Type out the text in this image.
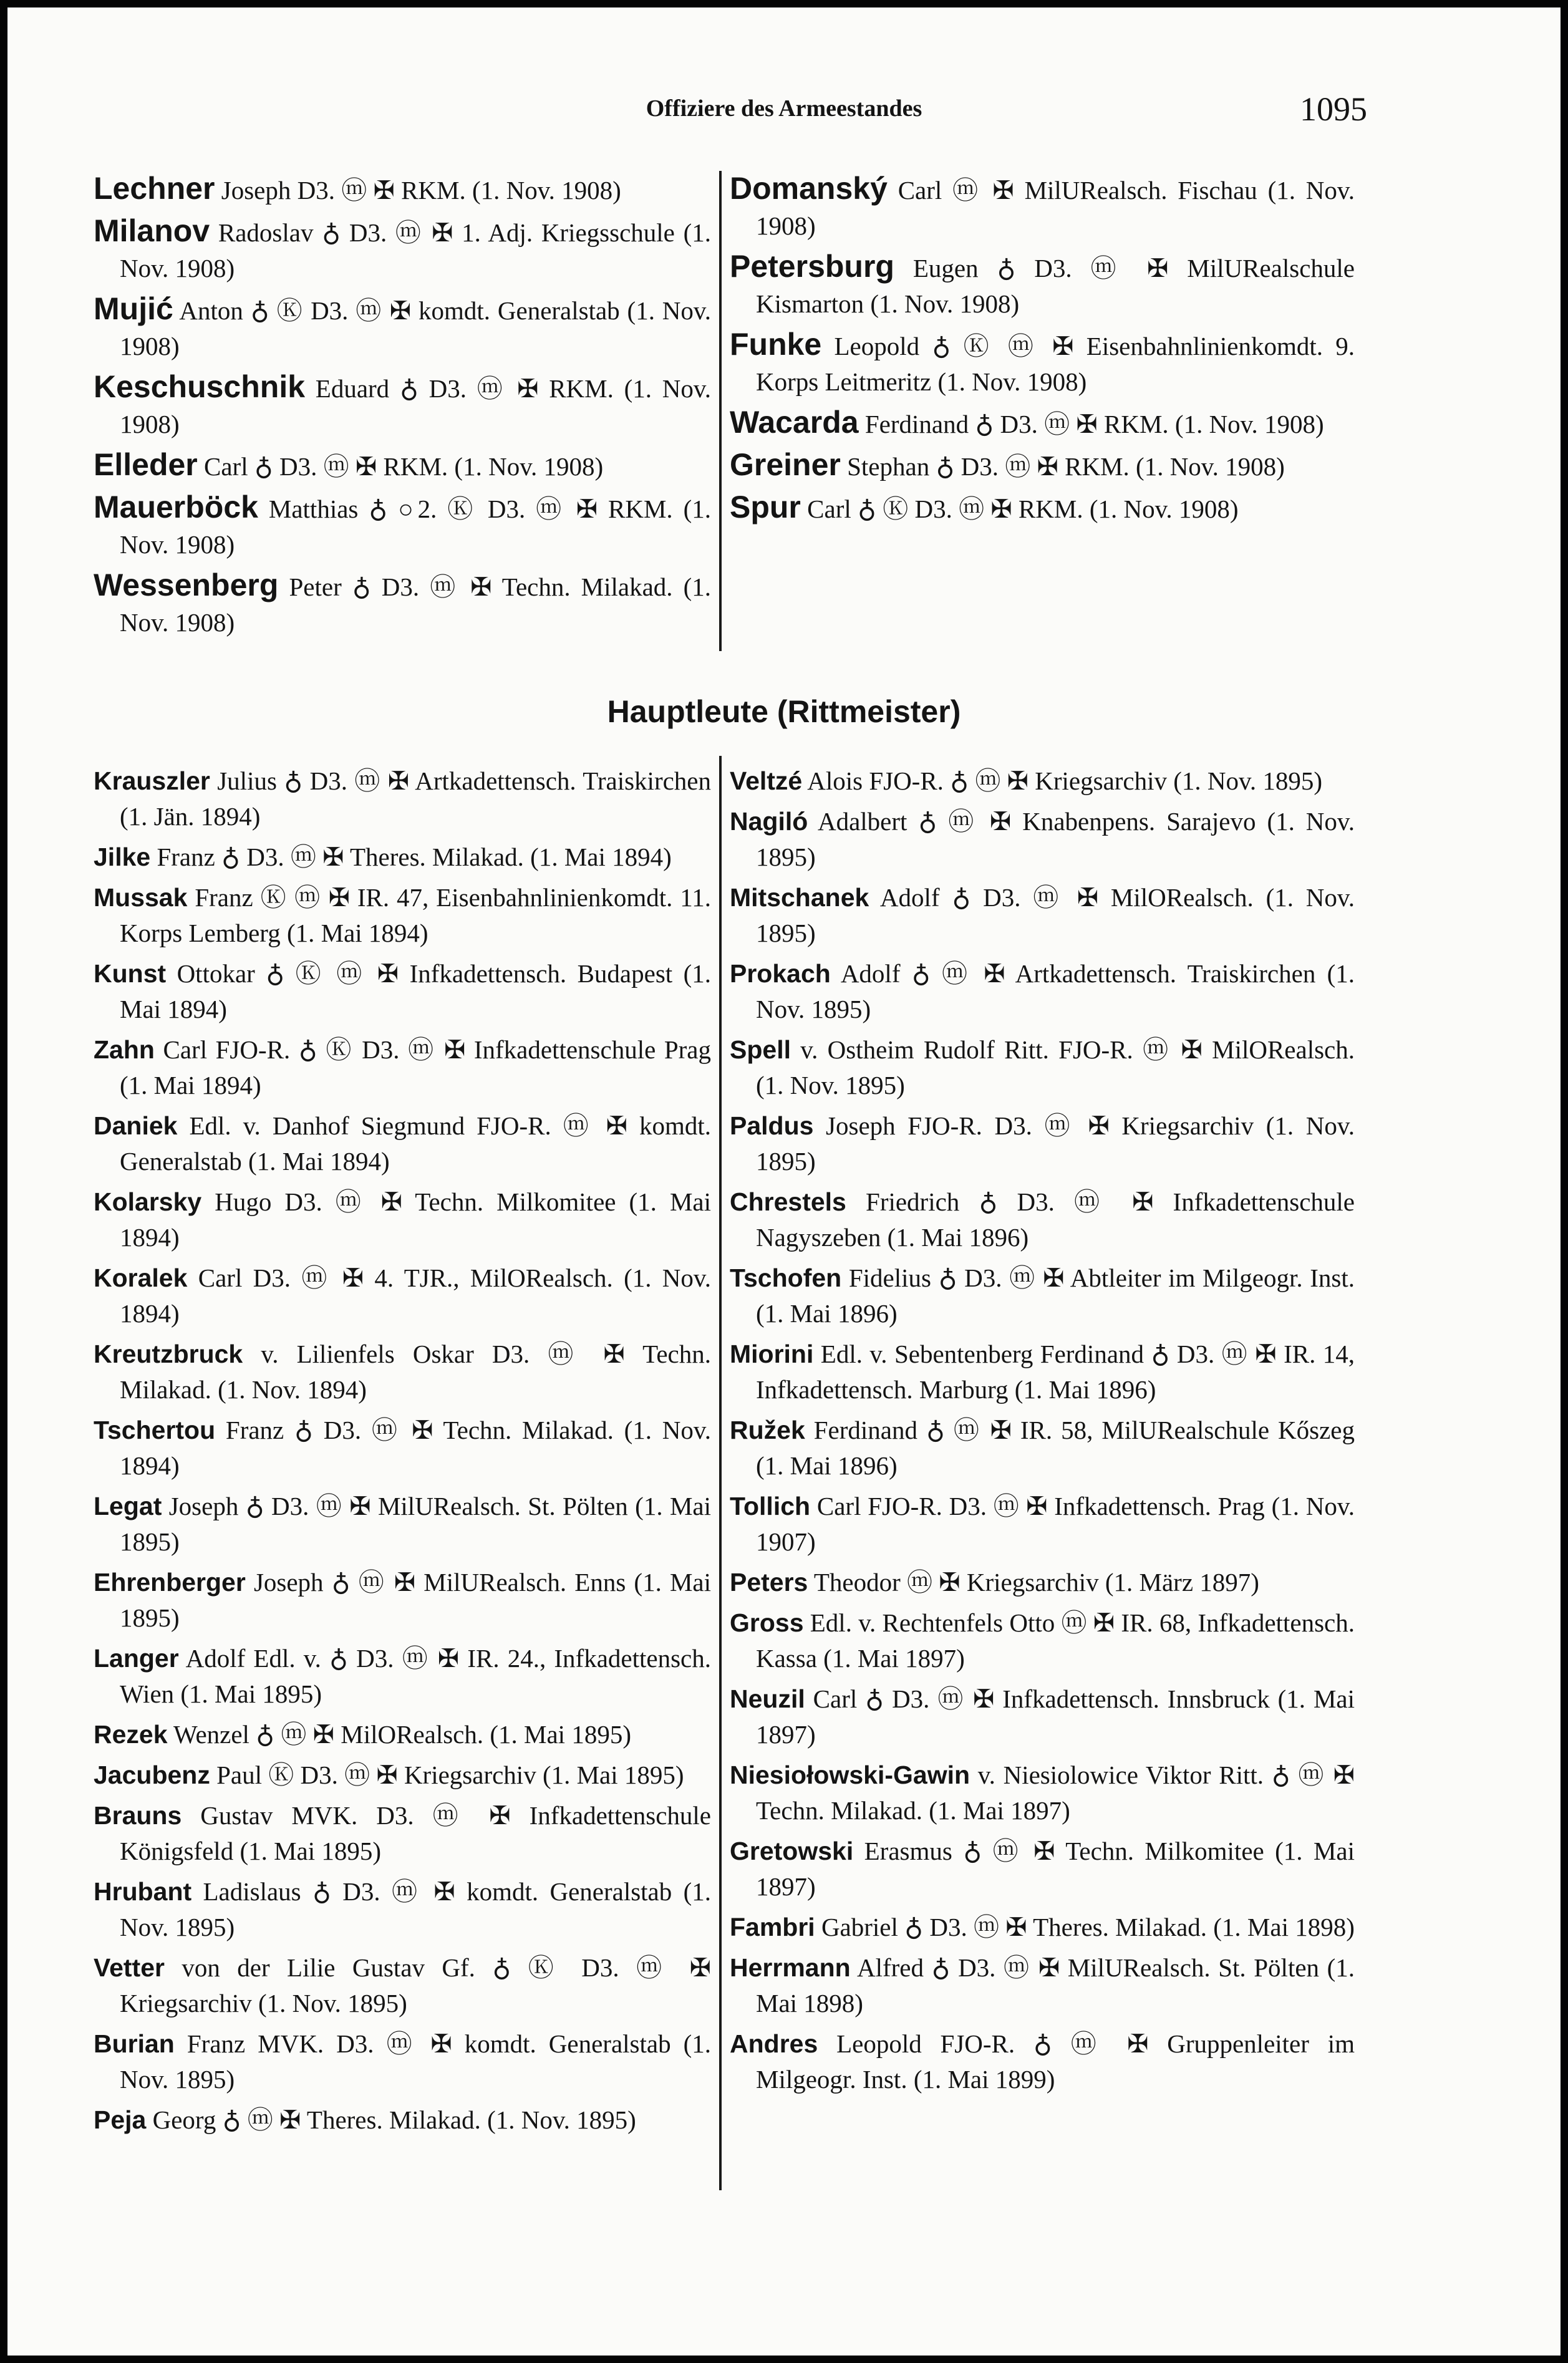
Offiziere des Armeestandes	1095

Lechner Joseph D3. ⓜ ✠ RKM. (1. Nov. 1908)

Milanov Radoslav ♁ D3. ⓜ ✠ 1. Adj. Kriegsschule (1. Nov. 1908)

Mujić Anton ♁ Ⓚ D3. ⓜ ✠ komdt. Generalstab (1. Nov. 1908)

Keschuschnik Eduard ♁ D3. ⓜ ✠ RKM. (1. Nov. 1908)

Elleder Carl ♁ D3. ⓜ ✠ RKM. (1. Nov. 1908)

Mauerböck Matthias ♁ ○2. Ⓚ D3. ⓜ ✠ RKM. (1. Nov. 1908)

Wessenberg Peter ♁ D3. ⓜ ✠ Techn. Milakad. (1. Nov. 1908)

Domanský Carl ⓜ ✠ MilURealsch. Fischau (1. Nov. 1908)

Petersburg Eugen ♁ D3. ⓜ ✠ MilURealschule Kismarton (1. Nov. 1908)

Funke Leopold ♁ Ⓚ ⓜ ✠ Eisenbahnlinienkomdt. 9. Korps Leitmeritz (1. Nov. 1908)

Wacarda Ferdinand ♁ D3. ⓜ ✠ RKM. (1. Nov. 1908)

Greiner Stephan ♁ D3. ⓜ ✠ RKM. (1. Nov. 1908)

Spur Carl ♁ Ⓚ D3. ⓜ ✠ RKM. (1. Nov. 1908)

Hauptleute (Rittmeister)

Krauszler Julius ♁ D3. ⓜ ✠ Artkadettensch. Traiskirchen (1. Jän. 1894)

Jilke Franz ♁ D3. ⓜ ✠ Theres. Milakad. (1. Mai 1894)

Mussak Franz Ⓚ ⓜ ✠ IR. 47, Eisenbahnlinienkomdt. 11. Korps Lemberg (1. Mai 1894)

Kunst Ottokar ♁ Ⓚ ⓜ ✠ Infkadettensch. Budapest (1. Mai 1894)

Zahn Carl FJO-R. ♁ Ⓚ D3. ⓜ ✠ Infkadettenschule Prag (1. Mai 1894)

Daniek Edl. v. Danhof Siegmund FJO-R. ⓜ ✠ komdt. Generalstab (1. Mai 1894)

Kolarsky Hugo D3. ⓜ ✠ Techn. Milkomitee (1. Mai 1894)

Koralek Carl D3. ⓜ ✠ 4. TJR., MilORealsch. (1. Nov. 1894)

Kreutzbruck v. Lilienfels Oskar D3. ⓜ ✠ Techn. Milakad. (1. Nov. 1894)

Tschertou Franz ♁ D3. ⓜ ✠ Techn. Milakad. (1. Nov. 1894)

Legat Joseph ♁ D3. ⓜ ✠ MilURealsch. St. Pölten (1. Mai 1895)

Ehrenberger Joseph ♁ ⓜ ✠ MilURealsch. Enns (1. Mai 1895)

Langer Adolf Edl. v. ♁ D3. ⓜ ✠ IR. 24., Infkadettensch. Wien (1. Mai 1895)

Rezek Wenzel ♁ ⓜ ✠ MilORealsch. (1. Mai 1895)

Jacubenz Paul Ⓚ D3. ⓜ ✠ Kriegsarchiv (1. Mai 1895)

Brauns Gustav MVK. D3. ⓜ ✠ Infkadettenschule Königsfeld (1. Mai 1895)

Hrubant Ladislaus ♁ D3. ⓜ ✠ komdt. Generalstab (1. Nov. 1895)

Vetter von der Lilie Gustav Gf. ♁ Ⓚ D3. ⓜ ✠ Kriegsarchiv (1. Nov. 1895)

Burian Franz MVK. D3. ⓜ ✠ komdt. Generalstab (1. Nov. 1895)

Peja Georg ♁ ⓜ ✠ Theres. Milakad. (1. Nov. 1895)

Veltzé Alois FJO-R. ♁ ⓜ ✠ Kriegsarchiv (1. Nov. 1895)

Nagiló Adalbert ♁ ⓜ ✠ Knabenpens. Sarajevo (1. Nov. 1895)

Mitschanek Adolf ♁ D3. ⓜ ✠ MilORealsch. (1. Nov. 1895)

Prokach Adolf ♁ ⓜ ✠ Artkadettensch. Traiskirchen (1. Nov. 1895)

Spell v. Ostheim Rudolf Ritt. FJO-R. ⓜ ✠ MilORealsch. (1. Nov. 1895)

Paldus Joseph FJO-R. D3. ⓜ ✠ Kriegsarchiv (1. Nov. 1895)

Chrestels Friedrich ♁ D3. ⓜ ✠ Infkadettenschule Nagyszeben (1. Mai 1896)

Tschofen Fidelius ♁ D3. ⓜ ✠ Abtleiter im Milgeogr. Inst. (1. Mai 1896)

Miorini Edl. v. Sebentenberg Ferdinand ♁ D3. ⓜ ✠ IR. 14, Infkadettensch. Marburg (1. Mai 1896)

Ružek Ferdinand ♁ ⓜ ✠ IR. 58, MilURealschule Kőszeg (1. Mai 1896)

Tollich Carl FJO-R. D3. ⓜ ✠ Infkadettensch. Prag (1. Nov. 1907)

Peters Theodor ⓜ ✠ Kriegsarchiv (1. März 1897)

Gross Edl. v. Rechtenfels Otto ⓜ ✠ IR. 68, Infkadettensch. Kassa (1. Mai 1897)

Neuzil Carl ♁ D3. ⓜ ✠ Infkadettensch. Innsbruck (1. Mai 1897)

Niesiołowski-Gawin v. Niesiolowice Viktor Ritt. ♁ ⓜ ✠ Techn. Milakad. (1. Mai 1897)

Gretowski Erasmus ♁ ⓜ ✠ Techn. Milkomitee (1. Mai 1897)

Fambri Gabriel ♁ D3. ⓜ ✠ Theres. Milakad. (1. Mai 1898)

Herrmann Alfred ♁ D3. ⓜ ✠ MilURealsch. St. Pölten (1. Mai 1898)

Andres Leopold FJO-R. ♁ ⓜ ✠ Gruppenleiter im Milgeogr. Inst. (1. Mai 1899)
